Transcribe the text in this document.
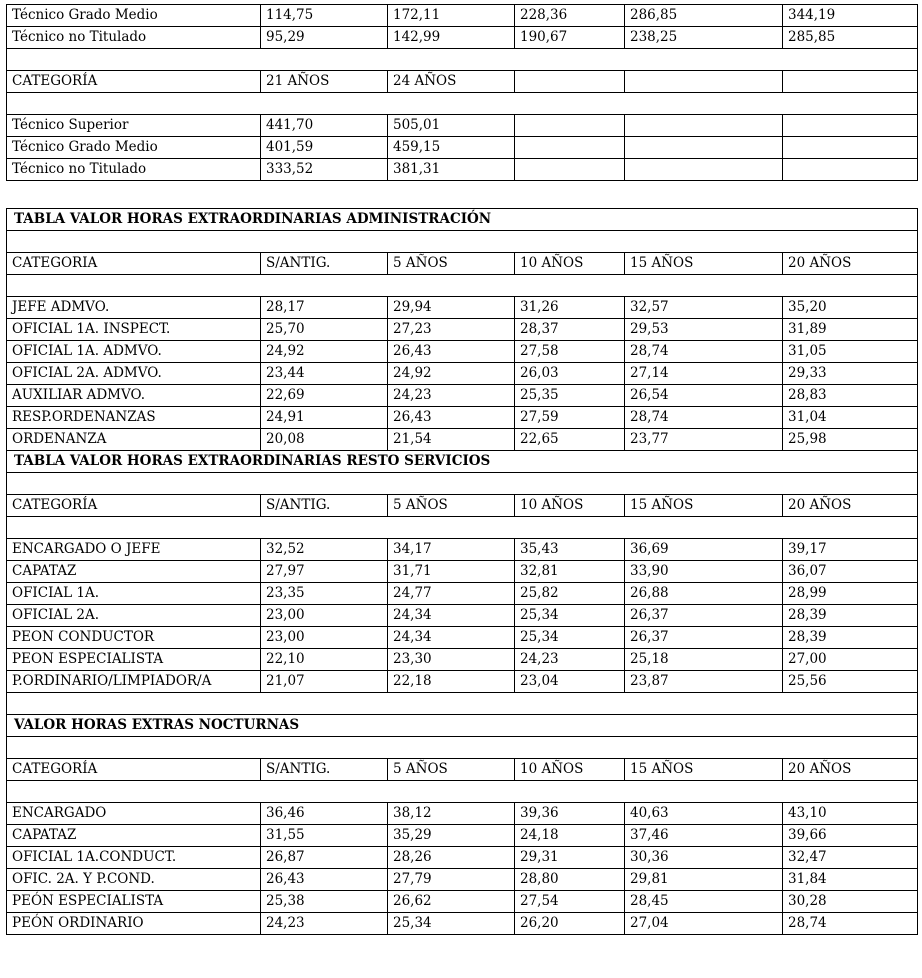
Técnico Grado Medio	114,75	172,11	228,36	286,85	344,19
Técnico no Titulado	95,29	142,99	190,67	238,25	285,85

CATEGORÍA	21 AÑOS	24 AÑOS			

Técnico Superior	441,70	505,01			
Técnico Grado Medio	401,59	459,15			
Técnico no Titulado	333,52	381,31			
TABLA VALOR HORAS EXTRAORDINARIAS ADMINISTRACIÓN					

CATEGORIA	S/ANTIG.	5 AÑOS	10 AÑOS	15 AÑOS	20 AÑOS

JEFE ADMVO.	28,17	29,94	31,26	32,57	35,20
OFICIAL 1A. INSPECT.	25,70	27,23	28,37	29,53	31,89
OFICIAL 1A. ADMVO.	24,92	26,43	27,58	28,74	31,05
OFICIAL 2A. ADMVO.	23,44	24,92	26,03	27,14	29,33
AUXILIAR ADMVO.	22,69	24,23	25,35	26,54	28,83
RESP.ORDENANZAS	24,91	26,43	27,59	28,74	31,04
ORDENANZA	20,08	21,54	22,65	23,77	25,98
TABLA VALOR HORAS EXTRAORDINARIAS RESTO SERVICIOS					

CATEGORÍA	S/ANTIG.	5 AÑOS	10 AÑOS	15 AÑOS	20 AÑOS

ENCARGADO O JEFE	32,52	34,17	35,43	36,69	39,17
CAPATAZ	27,97	31,71	32,81	33,90	36,07
OFICIAL 1A.	23,35	24,77	25,82	26,88	28,99
OFICIAL 2A.	23,00	24,34	25,34	26,37	28,39
PEON CONDUCTOR	23,00	24,34	25,34	26,37	28,39
PEON ESPECIALISTA	22,10	23,30	24,23	25,18	27,00
P.ORDINARIO/LIMPIADOR/A	21,07	22,18	23,04	23,87	25,56

VALOR HORAS EXTRAS NOCTURNAS					

CATEGORÍA	S/ANTIG.	5 AÑOS	10 AÑOS	15 AÑOS	20 AÑOS

ENCARGADO	36,46	38,12	39,36	40,63	43,10
CAPATAZ	31,55	35,29	24,18	37,46	39,66
OFICIAL 1A.CONDUCT.	26,87	28,26	29,31	30,36	32,47
OFIC. 2A. Y P.COND.	26,43	27,79	28,80	29,81	31,84
PEÓN ESPECIALISTA	25,38	26,62	27,54	28,45	30,28
PEÓN ORDINARIO	24,23	25,34	26,20	27,04	28,74
